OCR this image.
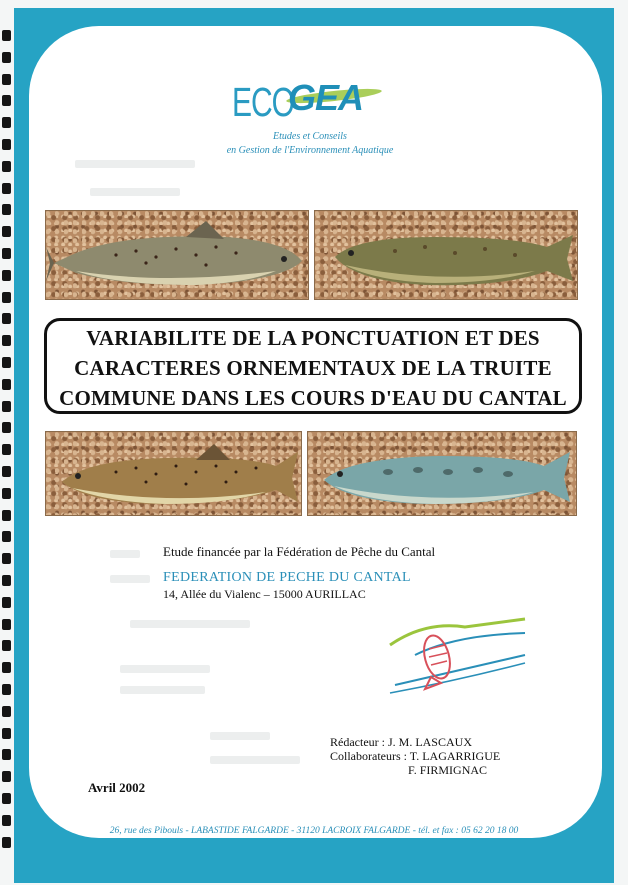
ECO
GEA
Etudes et Conseils
en Gestion de l'Environnement Aquatique
VARIABILITE DE LA PONCTUATION ET DES
CARACTERES ORNEMENTAUX DE LA TRUITE
COMMUNE DANS LES COURS D'EAU DU CANTAL
Etude financée par la Fédération de Pêche du Cantal
FEDERATION DE PECHE DU CANTAL
14, Allée du Vialenc – 15000 AURILLAC
Rédacteur : J. M. LASCAUX
Collaborateurs : T. LAGARRIGUE
F. FIRMIGNAC
Avril 2002
26, rue des Pibouls - LABASTIDE FALGARDE - 31120 LACROIX FALGARDE - tél. et fax : 05 62 20 18 00
